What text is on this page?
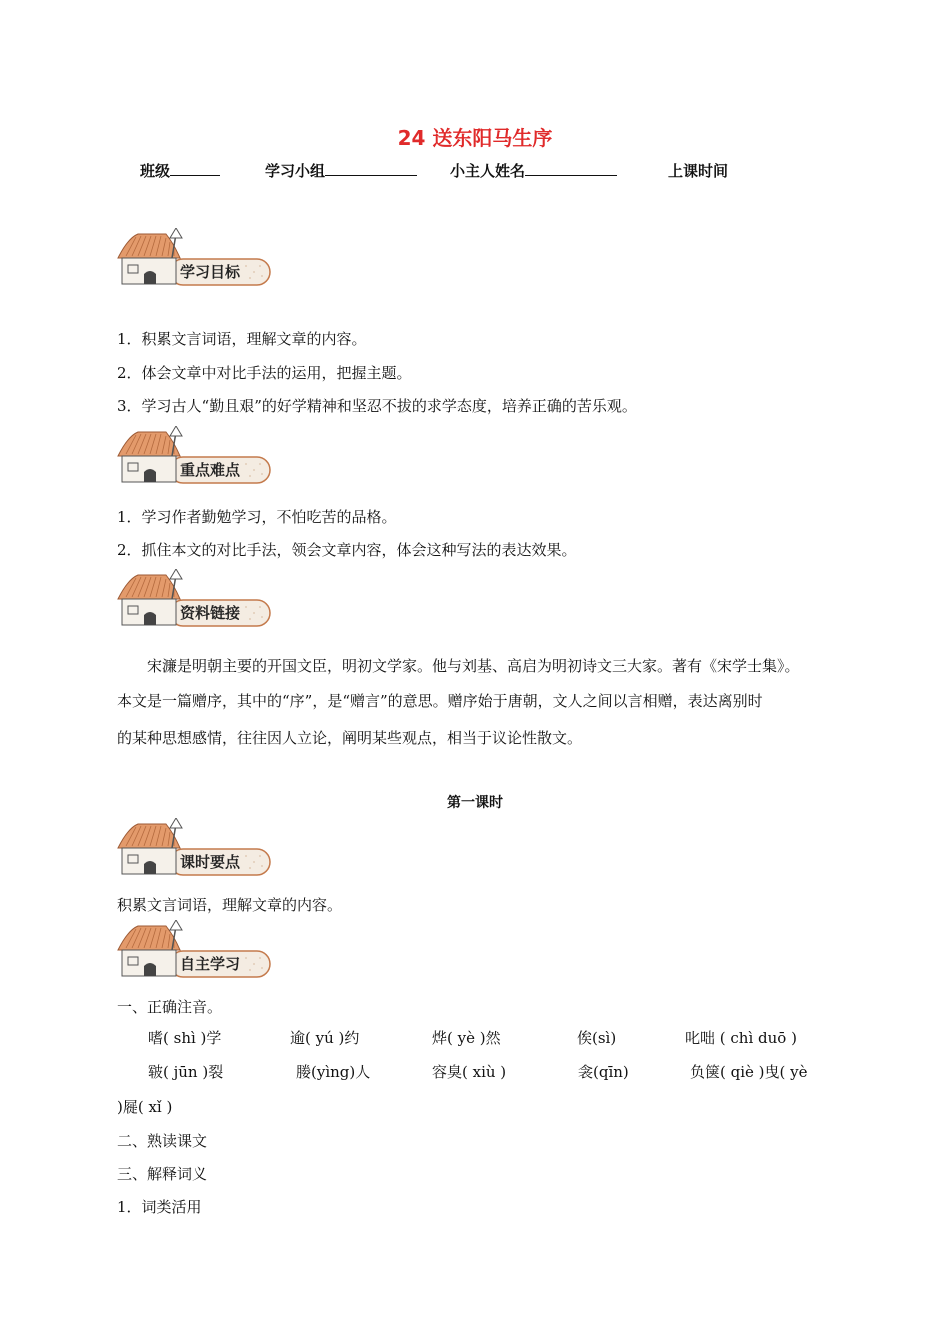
24 送东阳马生序
班级	学习小组	小主人姓名	上课时间
学习目标
1．积累文言词语，理解文章的内容。
2．体会文章中对比手法的运用，把握主题。
3．学习古人“勤且艰”的好学精神和坚忍不拔的求学态度，培养正确的苦乐观。
重点难点
1．学习作者勤勉学习，不怕吃苦的品格。
2．抓住本文的对比手法，领会文章内容，体会这种写法的表达效果。
资料链接
　　宋濂是明朝主要的开国文臣，明初文学家。他与刘基、高启为明初诗文三大家。著有《宋学士集》。
本文是一篇赠序，其中的“序”，是“赠言”的意思。赠序始于唐朝，文人之间以言相赠，表达离别时
的某种思想感情，往往因人立论，阐明某些观点，相当于议论性散文。
第一课时
课时要点
积累文言词语，理解文章的内容。
自主学习
一、正确注音。
嗜( shì )学	逾( yú )约	烨( yè )然	俟(sì)	叱咄 ( chì duō )
皲( jūn )裂	媵(yìng)人	容臭( xiù )	衾(qīn)	负箧( qiè )曳( yè
)屣( xǐ )
二、熟读课文
三、解释词义
1．词类活用
